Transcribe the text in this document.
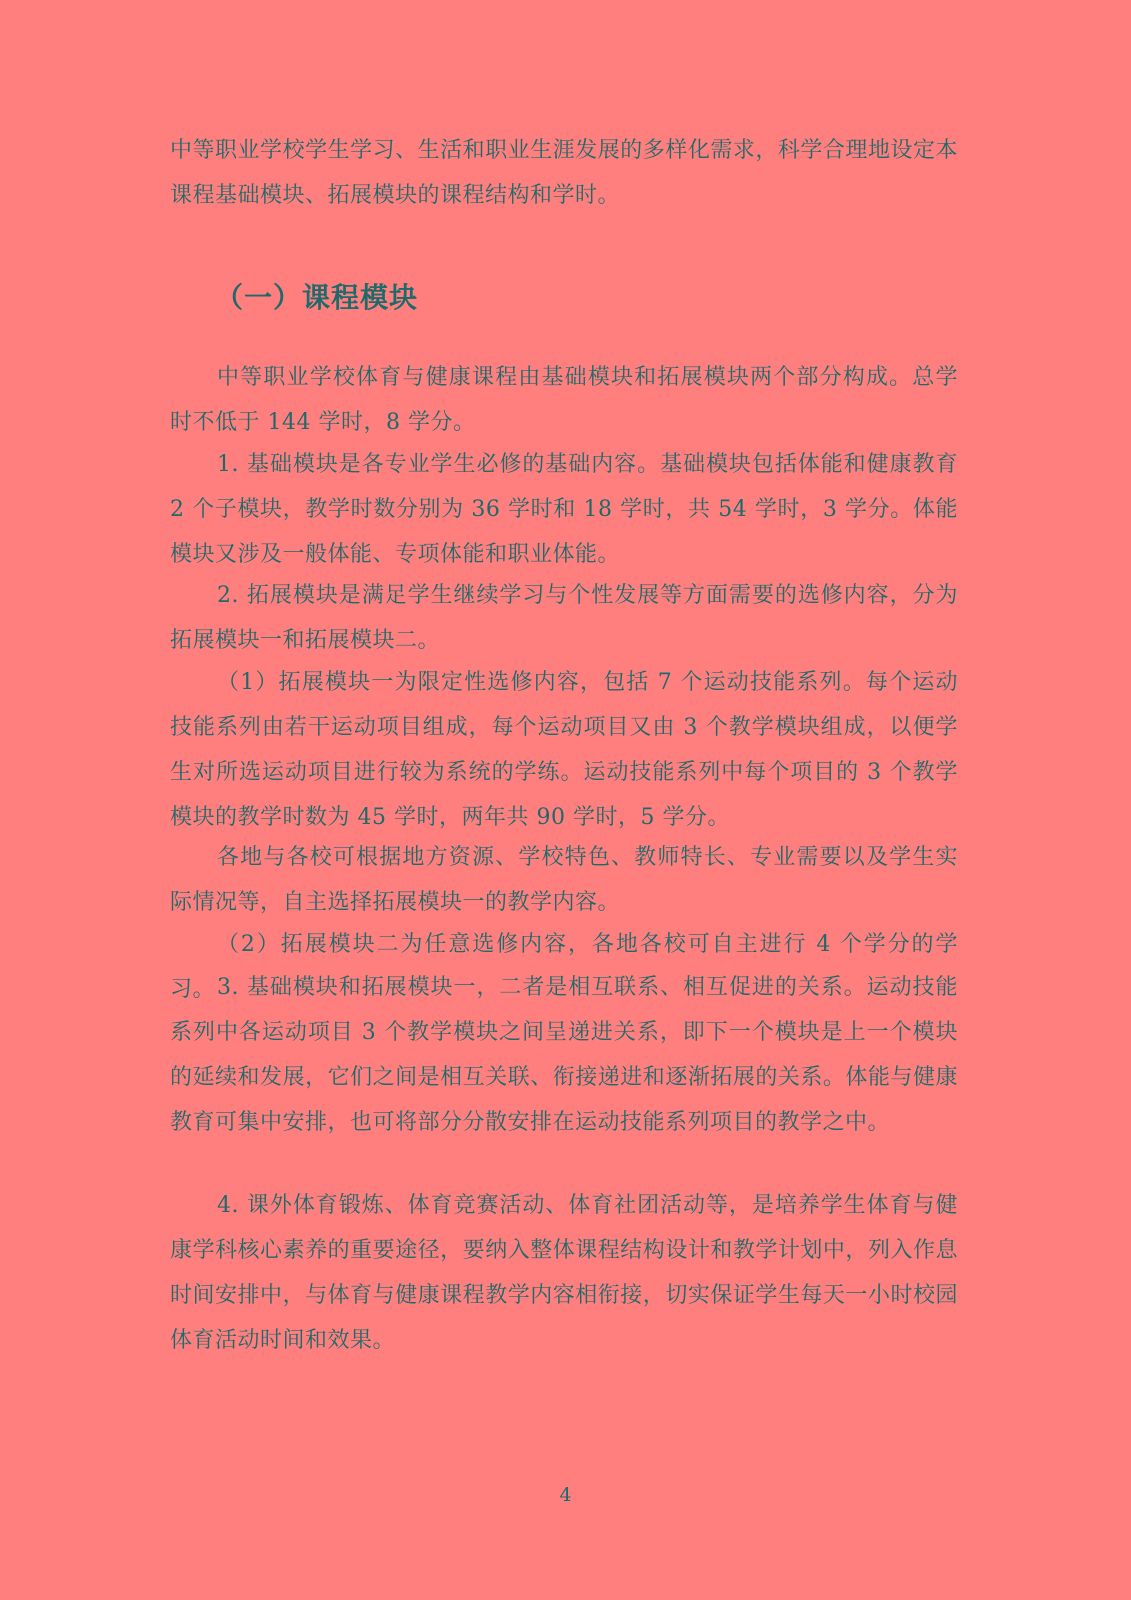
中等职业学校学生学习、生活和职业生涯发展的多样化需求，科学合理地设定本课程基础模块、拓展模块的课程结构和学时。

（一）课程模块

中等职业学校体育与健康课程由基础模块和拓展模块两个部分构成。总学时不低于 144 学时，8 学分。

1. 基础模块是各专业学生必修的基础内容。基础模块包括体能和健康教育 2 个子模块，教学时数分别为 36 学时和 18 学时，共 54 学时，3 学分。体能模块又涉及一般体能、专项体能和职业体能。

2. 拓展模块是满足学生继续学习与个性发展等方面需要的选修内容，分为拓展模块一和拓展模块二。

（1）拓展模块一为限定性选修内容，包括 7 个运动技能系列。每个运动技能系列由若干运动项目组成，每个运动项目又由 3 个教学模块组成，以便学生对所选运动项目进行较为系统的学练。运动技能系列中每个项目的 3 个教学模块的教学时数为 45 学时，两年共 90 学时，5 学分。

各地与各校可根据地方资源、学校特色、教师特长、专业需要以及学生实际情况等，自主选择拓展模块一的教学内容。

（2）拓展模块二为任意选修内容，各地各校可自主进行 4 个学分的学习。 3. 基础模块和拓展模块一，二者是相互联系、相互促进的关系。运动技能系列中各运动项目 3 个教学模块之间呈递进关系，即下一个模块是上一个模块的延续和发展，它们之间是相互关联、衔接递进和逐渐拓展的关系。体能与健康教育可集中安排，也可将部分分散安排在运动技能系列项目的教学之中。

4. 课外体育锻炼、体育竞赛活动、体育社团活动等，是培养学生体育与健康学科核心素养的重要途径，要纳入整体课程结构设计和教学计划中，列入作息时间安排中，与体育与健康课程教学内容相衔接，切实保证学生每天一小时校园体育活动时间和效果。

4
